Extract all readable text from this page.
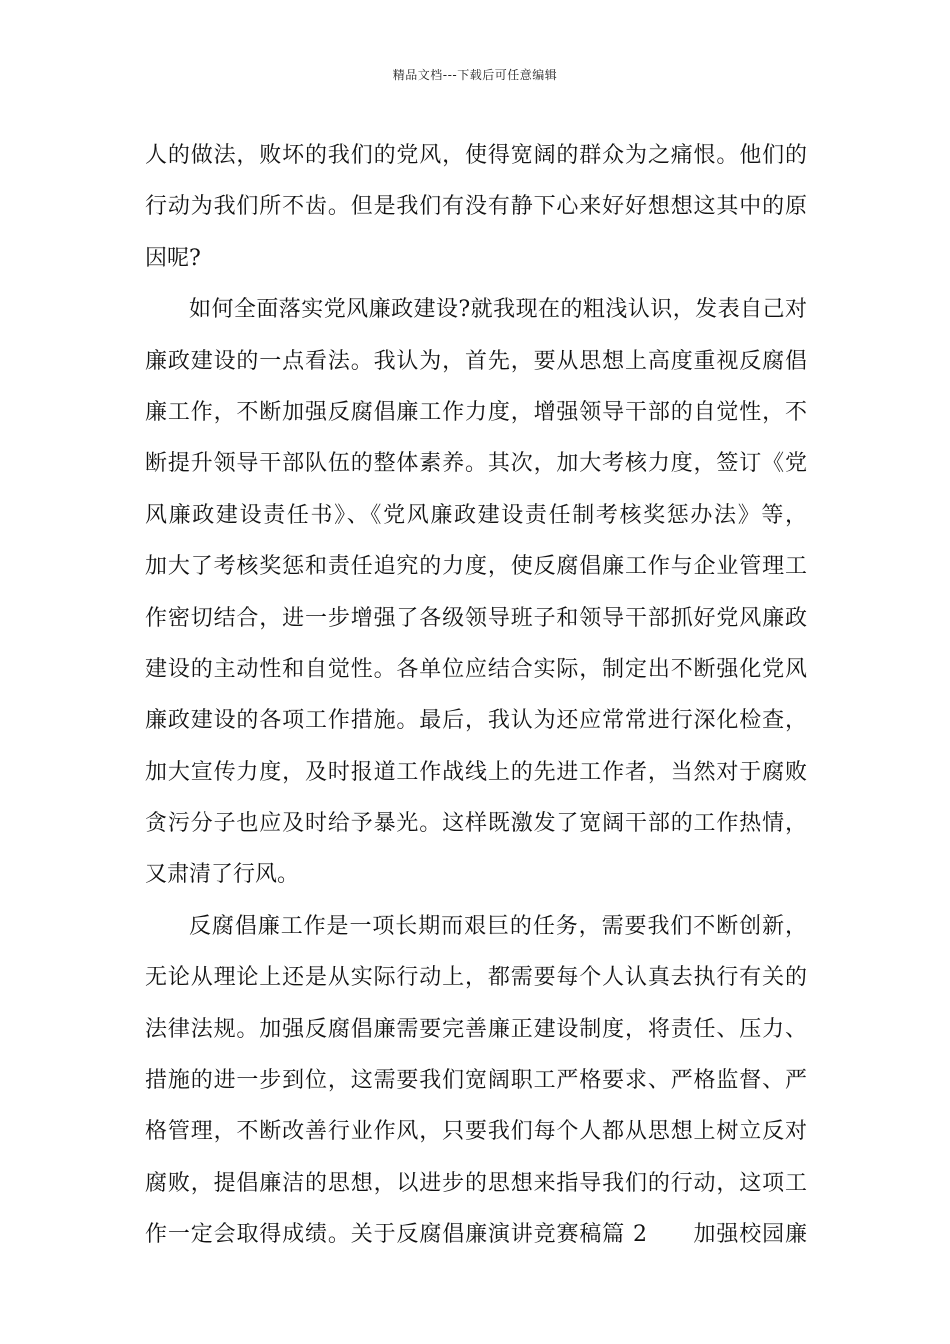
精品文档---下载后可任意编辑
人的做法，败坏的我们的党风，使得宽阔的群众为之痛恨。他们的
行动为我们所不齿。但是我们有没有静下心来好好想想这其中的原
因呢?
如何全面落实党风廉政建设?就我现在的粗浅认识，发表自己对
廉政建设的一点看法。我认为，首先，要从思想上高度重视反腐倡
廉工作，不断加强反腐倡廉工作力度，增强领导干部的自觉性，不
断提升领导干部队伍的整体素养。其次，加大考核力度，签订《党
风廉政建设责任书》、《党风廉政建设责任制考核奖惩办法》等，
加大了考核奖惩和责任追究的力度，使反腐倡廉工作与企业管理工
作密切结合，进一步增强了各级领导班子和领导干部抓好党风廉政
建设的主动性和自觉性。各单位应结合实际，制定出不断强化党风
廉政建设的各项工作措施。最后，我认为还应常常进行深化检查，
加大宣传力度，及时报道工作战线上的先进工作者，当然对于腐败
贪污分子也应及时给予暴光。这样既激发了宽阔干部的工作热情，
又肃清了行风。
反腐倡廉工作是一项长期而艰巨的任务，需要我们不断创新，
无论从理论上还是从实际行动上，都需要每个人认真去执行有关的
法律法规。加强反腐倡廉需要完善廉正建设制度，将责任、压力、
措施的进一步到位，这需要我们宽阔职工严格要求、严格监督、严
格管理，不断改善行业作风，只要我们每个人都从思想上树立反对
腐败，提倡廉洁的思想，以进步的思想来指导我们的行动，这项工
作一定会取得成绩。关于反腐倡廉演讲竞赛稿篇 2　　加强校园廉
